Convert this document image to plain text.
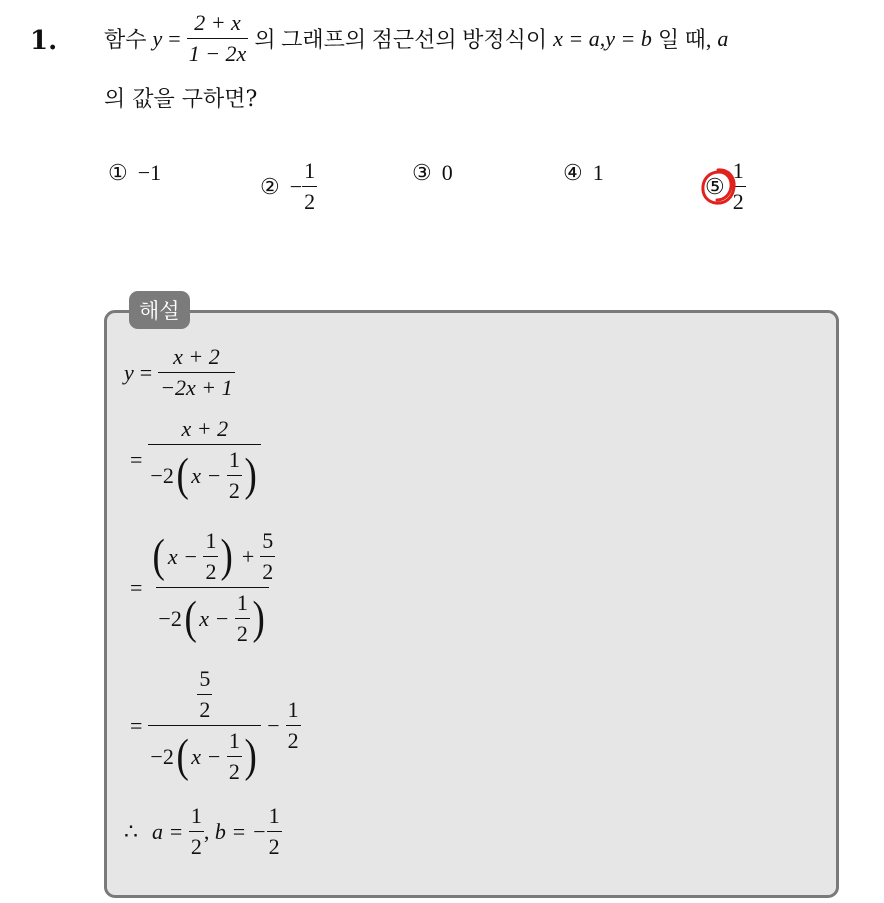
1. 함수 $y = \frac{2 + x}{1 - 2x}$ 의 그래프의 점근선의 방정식이 x = a , y = b 일 때, a
의 값을 구하면?
① −1
② − $\frac{1}{2}$	③ 0	④ 1
⑤ $\frac{1}{2}$
해설
$y = \frac{x + 2}{-2x + 1}$
= x + 2
−2 ( x −
$\frac{1}{2}$ )
= ( x −
$\frac{1}{2}$ ) + $\frac{5}{2}$
−2 ( x −
$\frac{1}{2}$ )
= $\frac{5}{2}$
−2 ( x −
$\frac{1}{2}$ ) − $\frac{1}{2}$
∴ a =
$\frac{1}{2}$ ,
b = − $\frac{1}{2}$
